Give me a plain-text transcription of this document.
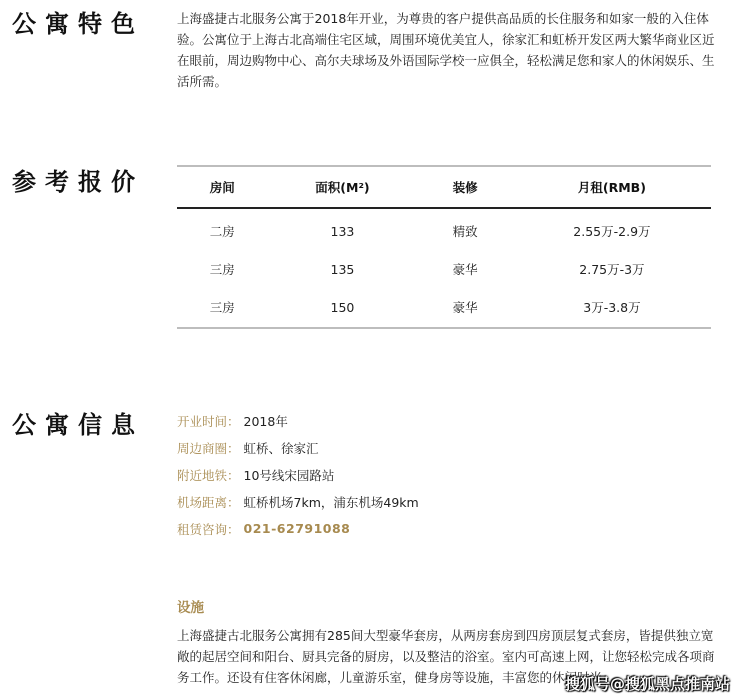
公寓特色	上海盛捷古北服务公寓于2018年开业，为尊贵的客户提供高品质的长住服务和如家一般的入住体验。公寓位于上海古北高端住宅区域，周围环境优美宜人，徐家汇和虹桥开发区两大繁华商业区近在眼前，周边购物中心、高尔夫球场及外语国际学校一应俱全，轻松满足您和家人的休闲娱乐、生活所需。

参考报价	房间	面积(M²)	装修	月租(RMB)
二房	133	精致	2.55万-2.9万
三房	135	豪华	2.75万-3万
三房	150	豪华	3万-3.8万
公寓信息	开业时间： 2018年
周边商圈： 虹桥、徐家汇
附近地铁： 10号线宋园路站
机场距离： 虹桥机场7km，浦东机场49km
租赁咨询： 021-62791088
设施

上海盛捷古北服务公寓拥有285间大型豪华套房，从两房套房到四房顶层复式套房，皆提供独立宽敞的起居空间和阳台、厨具完备的厨房，以及整洁的浴室。室内可高速上网，让您轻松完成各项商务工作。还设有住客休闲廊，儿童游乐室，健身房等设施，丰富您的休闲时光。

搜狐号@搜狐黑点推南站
